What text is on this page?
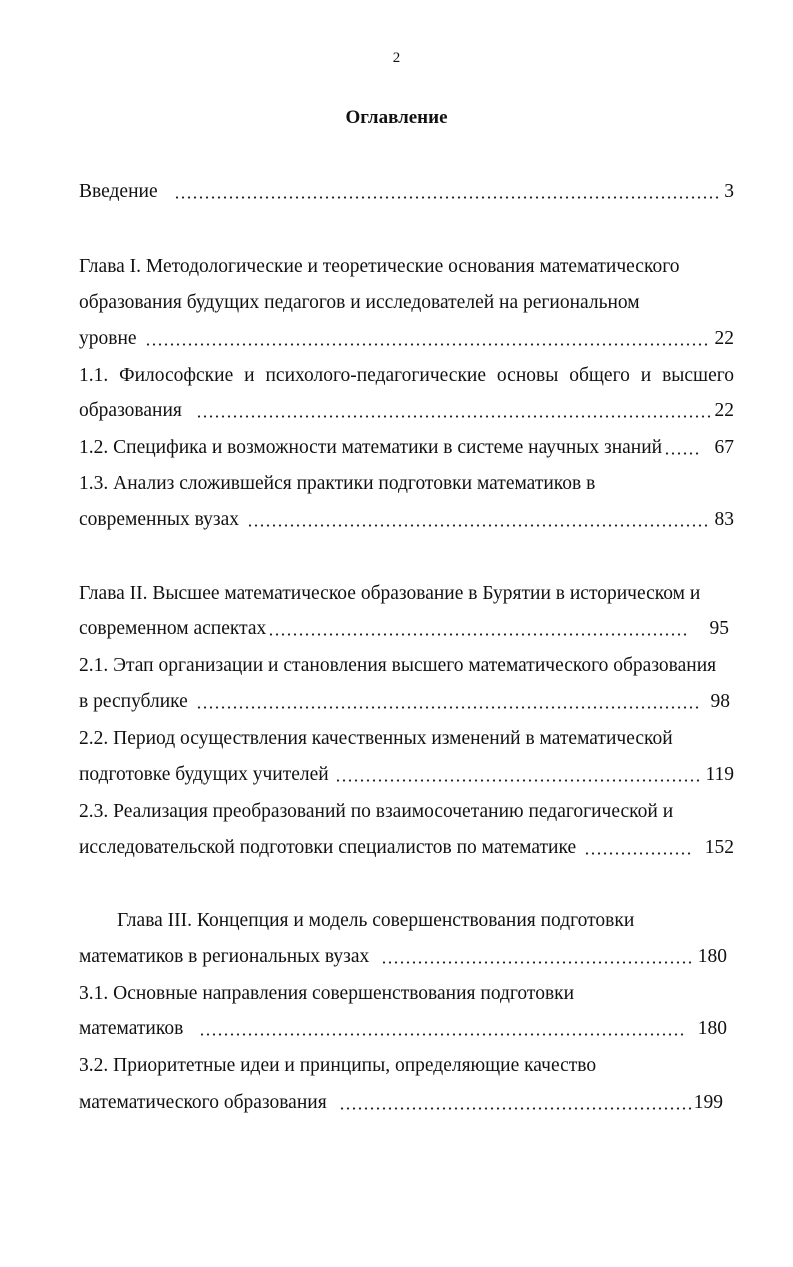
2
Оглавление
Введение	3
Глава I. Методологические и теоретические основания математического
образования будущих педагогов и исследователей на региональном
уровне	22
1.1. Философские и психолого-педагогические основы общего и высшего
образования	22
1.2. Специфика и возможности математики в системе научных знаний	67
1.3. Анализ сложившейся практики подготовки математиков в
современных вузах	83
Глава II. Высшее математическое образование в Бурятии в историческом и
современном аспектах	95
2.1. Этап организации и становления высшего математического образования
в республике	98
2.2. Период осуществления качественных изменений в математической
подготовке будущих учителей	119
2.3. Реализация преобразований по взаимосочетанию педагогической и
исследовательской подготовки специалистов по математике	152
Глава III. Концепция и модель совершенствования подготовки
математиков в региональных вузах	180
3.1. Основные направления совершенствования подготовки
математиков	180
3.2. Приоритетные идеи и принципы, определяющие качество
математического образования	199
